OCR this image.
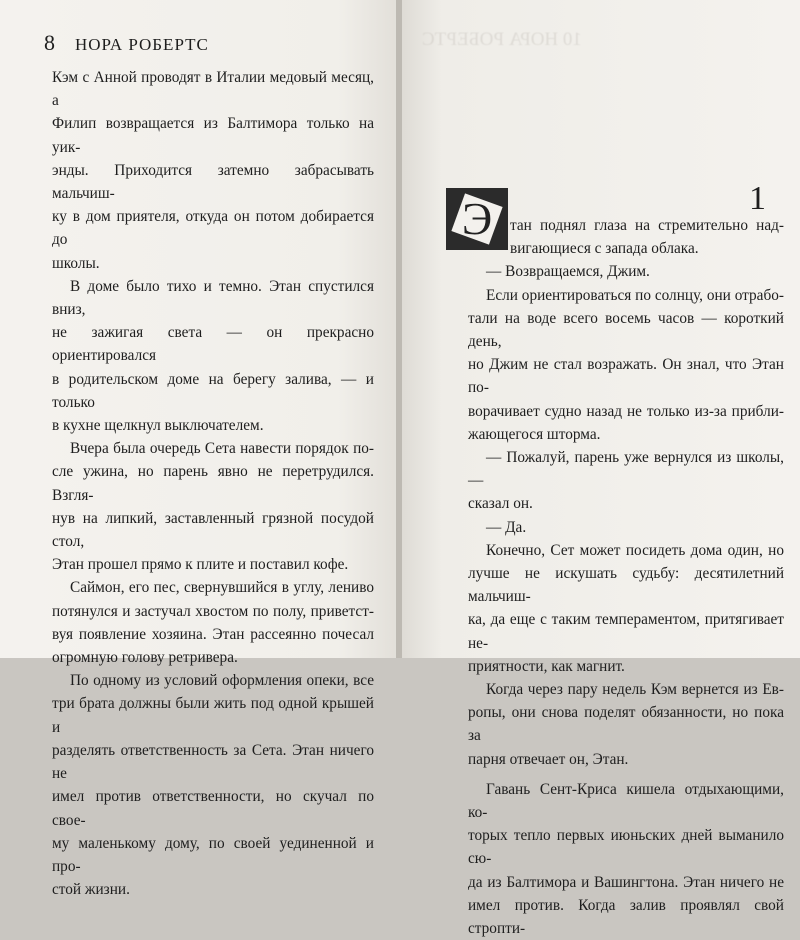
8 НОРА РОБЕРТС
Кэм с Анной проводят в Италии медовый месяц, а
Филип возвращается из Балтимора только на уик-
энды. Приходится затемно забрасывать мальчиш-
ку в дом приятеля, откуда он потом добирается до
школы.
В доме было тихо и темно. Этан спустился вниз,
не зажигая света — он прекрасно ориентировался
в родительском доме на берегу залива, — и только
в кухне щелкнул выключателем.
Вчера была очередь Сета навести порядок по-
сле ужина, но парень явно не перетрудился. Взгля-
нув на липкий, заставленный грязной посудой стол,
Этан прошел прямо к плите и поставил кофе.
Саймон, его пес, свернувшийся в углу, лениво
потянулся и застучал хвостом по полу, приветст-
вуя появление хозяина. Этан рассеянно почесал
огромную голову ретривера.
По одному из условий оформления опеки, все
три брата должны были жить под одной крышей и
разделять ответственность за Сета. Этан ничего не
имел против ответственности, но скучал по свое-
му маленькому дому, по своей уединенной и про-
стой жизни.
10 НОРА РОБЕРТС
1
тан поднял глаза на стремительно над-
вигающиеся с запада облака.
— Возвращаемся, Джим.
Если ориентироваться по солнцу, они отрабо-
тали на воде всего восемь часов — короткий день,
но Джим не стал возражать. Он знал, что Этан по-
ворачивает судно назад не только из-за прибли-
жающегося шторма.
— Пожалуй, парень уже вернулся из школы, —
сказал он.
— Да.
Конечно, Сет может посидеть дома один, но
лучше не искушать судьбу: десятилетний мальчиш-
ка, да еще с таким темпераментом, притягивает не-
приятности, как магнит.
Когда через пару недель Кэм вернется из Ев-
ропы, они снова поделят обязанности, но пока за
парня отвечает он, Этан.
Гавань Сент-Криса кишела отдыхающими, ко-
торых тепло первых июньских дней выманило сю-
да из Балтимора и Вашингтона. Этан ничего не
имел против. Когда залив проявлял свой стропти-
Э
